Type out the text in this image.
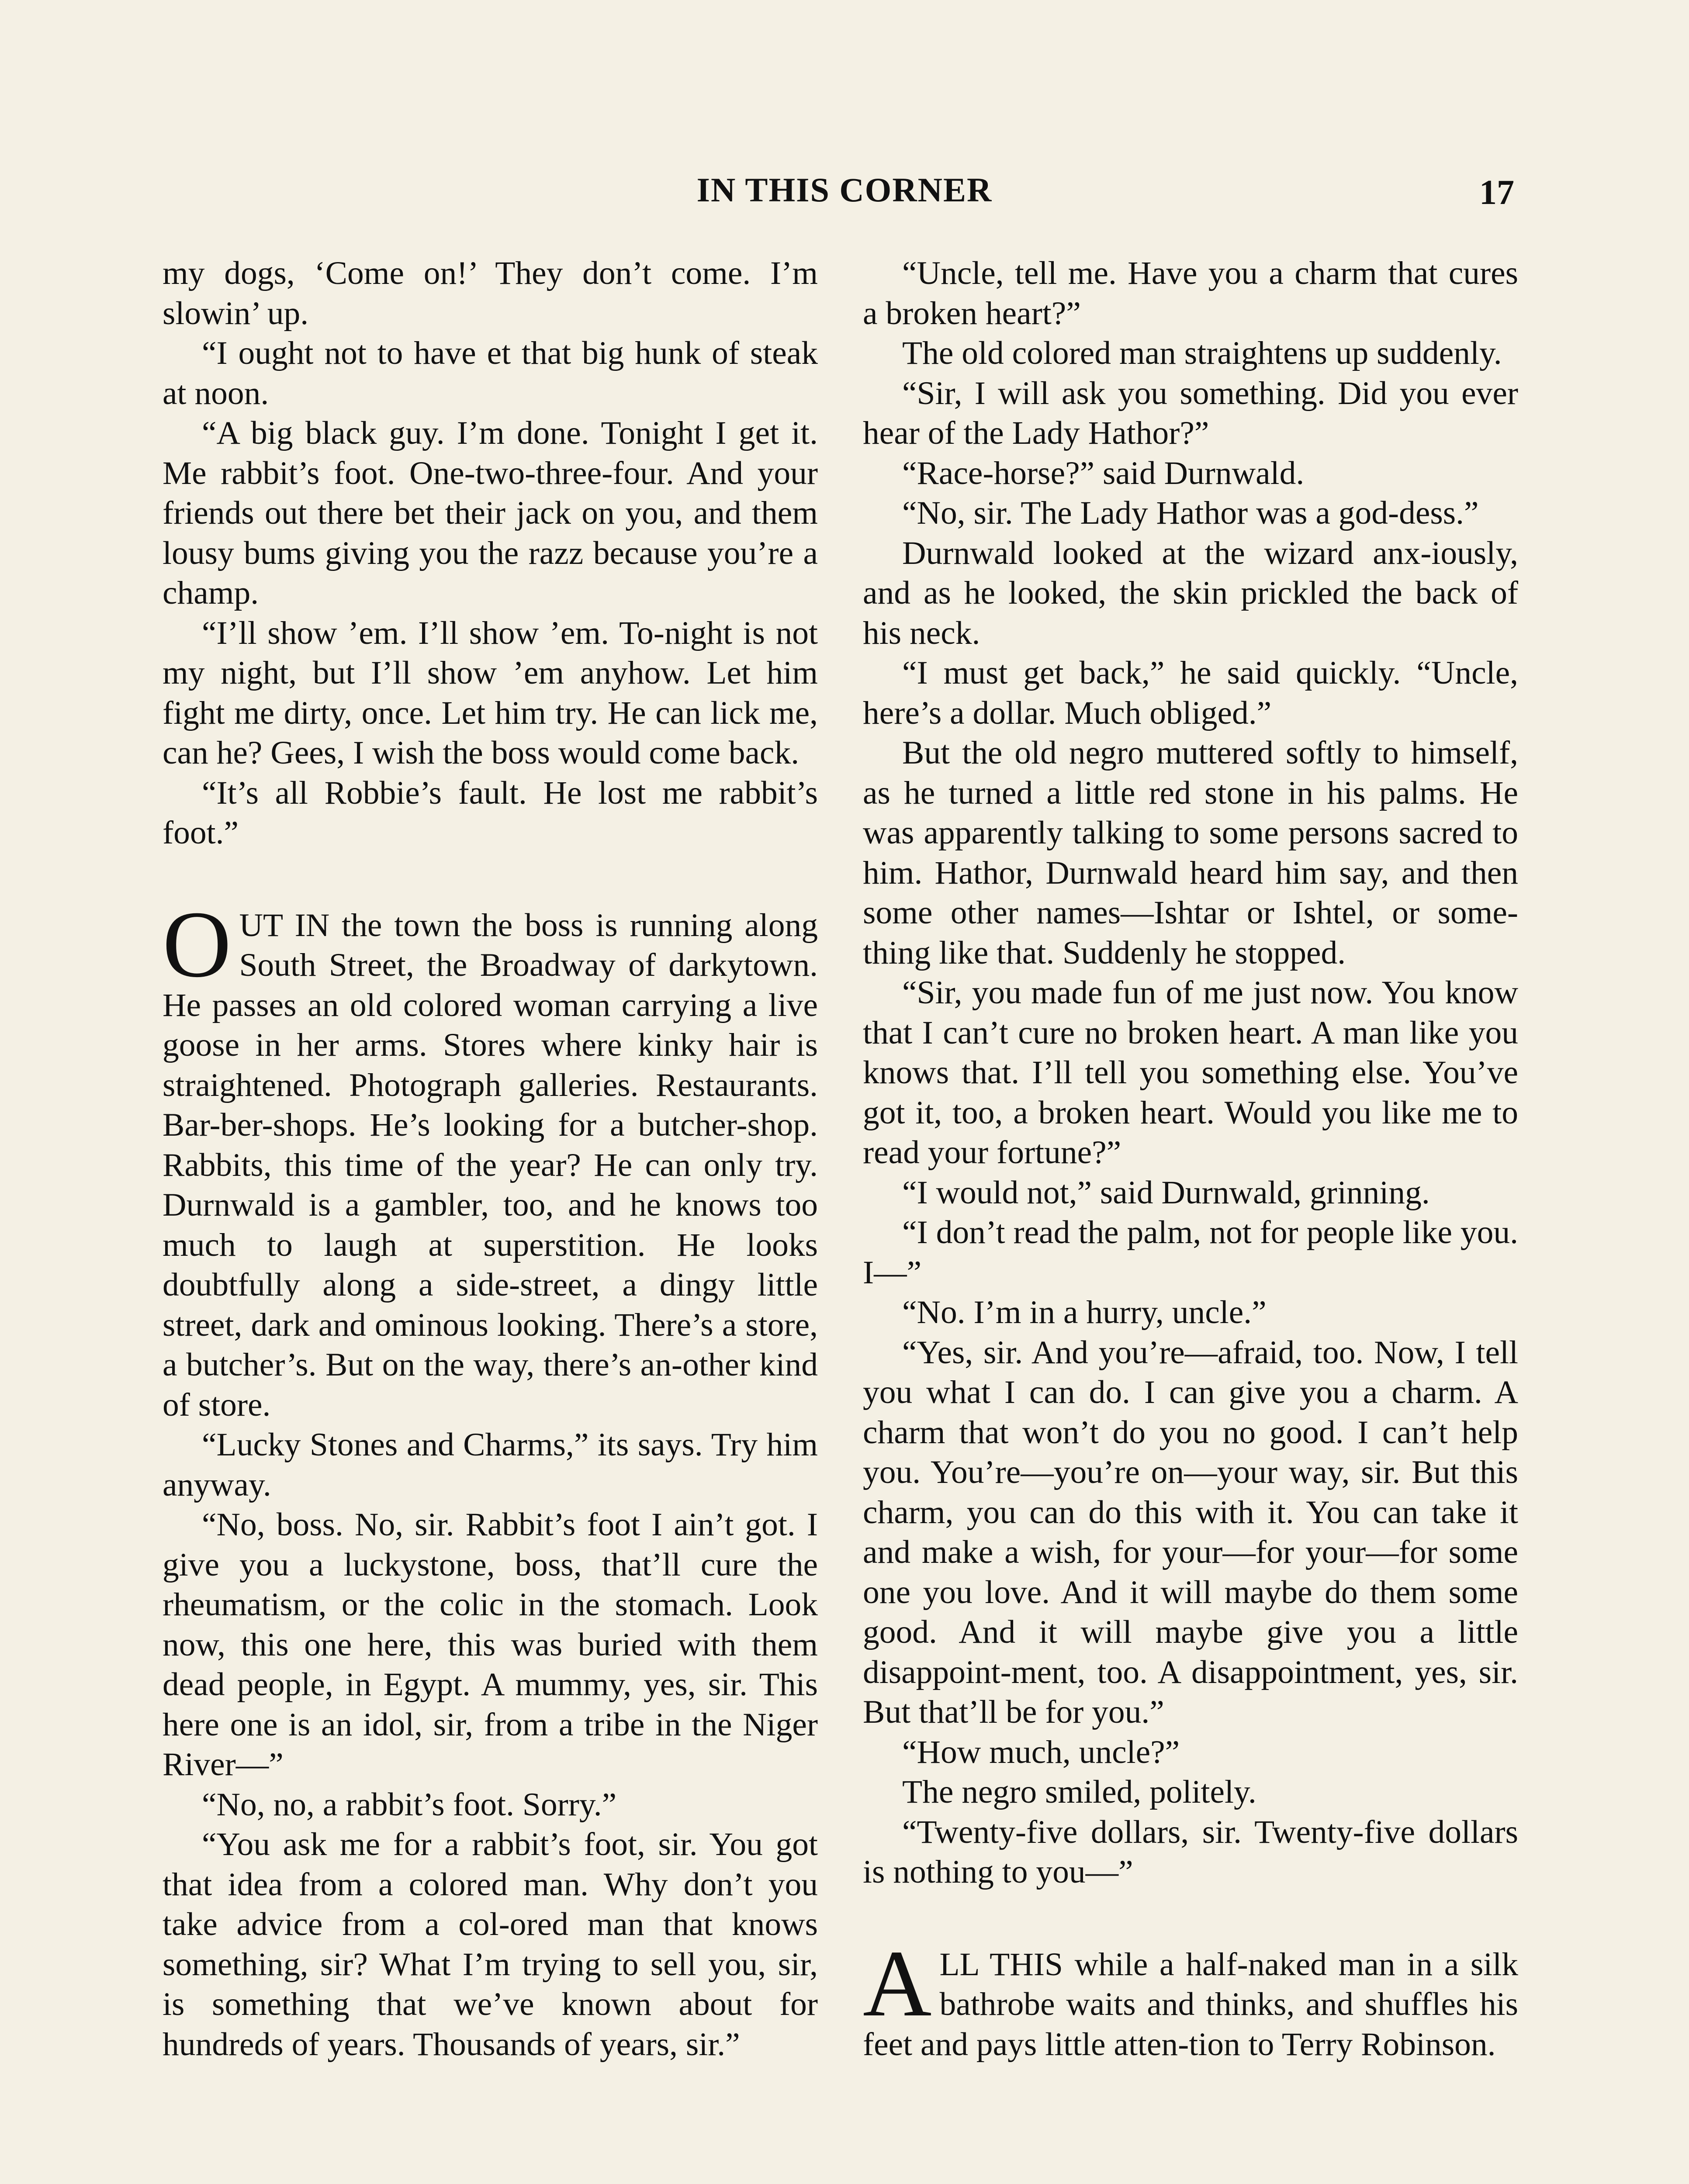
IN THIS CORNER	17

my dogs, ‘Come on!’ They don’t come. I’m slowin’ up.

“I ought not to have et that big hunk of steak at noon.

“A big black guy. I’m done. Tonight I get it. Me rabbit’s foot. One-two-three-four. And your friends out there bet their jack on you, and them lousy bums giving you the razz because you’re a champ.

“I’ll show ’em. I’ll show ’em. To-night is not my night, but I’ll show ’em anyhow. Let him fight me dirty, once. Let him try. He can lick me, can he? Gees, I wish the boss would come back.

“It’s all Robbie’s fault. He lost me rabbit’s foot.”

OUT IN the town the boss is running along South Street, the Broadway of darkytown. He passes an old colored woman carrying a live goose in her arms. Stores where kinky hair is straightened. Photograph galleries. Restaurants. Bar-ber-shops. He’s looking for a butcher-shop. Rabbits, this time of the year? He can only try. Durnwald is a gambler, too, and he knows too much to laugh at superstition. He looks doubtfully along a side-street, a dingy little street, dark and ominous looking. There’s a store, a butcher’s. But on the way, there’s an-other kind of store.

“Lucky Stones and Charms,” its says. Try him anyway.

“No, boss. No, sir. Rabbit’s foot I ain’t got. I give you a luckystone, boss, that’ll cure the rheumatism, or the colic in the stomach. Look now, this one here, this was buried with them dead people, in Egypt. A mummy, yes, sir. This here one is an idol, sir, from a tribe in the Niger River—”

“No, no, a rabbit’s foot. Sorry.”

“You ask me for a rabbit’s foot, sir. You got that idea from a colored man. Why don’t you take advice from a col-ored man that knows something, sir? What I’m trying to sell you, sir, is something that we’ve known about for hundreds of years. Thousands of years, sir.”

“Uncle, tell me. Have you a charm that cures a broken heart?”

The old colored man straightens up suddenly.

“Sir, I will ask you something. Did you ever hear of the Lady Hathor?”

“Race-horse?” said Durnwald.

“No, sir. The Lady Hathor was a god-dess.”

Durnwald looked at the wizard anx-iously, and as he looked, the skin prickled the back of his neck.

“I must get back,” he said quickly. “Uncle, here’s a dollar. Much obliged.”

But the old negro muttered softly to himself, as he turned a little red stone in his palms. He was apparently talking to some persons sacred to him. Hathor, Durnwald heard him say, and then some other names—Ishtar or Ishtel, or some-thing like that. Suddenly he stopped.

“Sir, you made fun of me just now. You know that I can’t cure no broken heart. A man like you knows that. I’ll tell you something else. You’ve got it, too, a broken heart. Would you like me to read your fortune?”

“I would not,” said Durnwald, grinning.

“I don’t read the palm, not for people like you. I—”

“No. I’m in a hurry, uncle.”

“Yes, sir. And you’re—afraid, too. Now, I tell you what I can do. I can give you a charm. A charm that won’t do you no good. I can’t help you. You’re—you’re on—your way, sir. But this charm, you can do this with it. You can take it and make a wish, for your—for your—for some one you love. And it will maybe do them some good. And it will maybe give you a little disappoint-ment, too. A disappointment, yes, sir. But that’ll be for you.”

“How much, uncle?”

The negro smiled, politely.

“Twenty-five dollars, sir. Twenty-five dollars is nothing to you—”

ALL THIS while a half-naked man in a silk bathrobe waits and thinks, and shuffles his feet and pays little atten-tion to Terry Robinson.
